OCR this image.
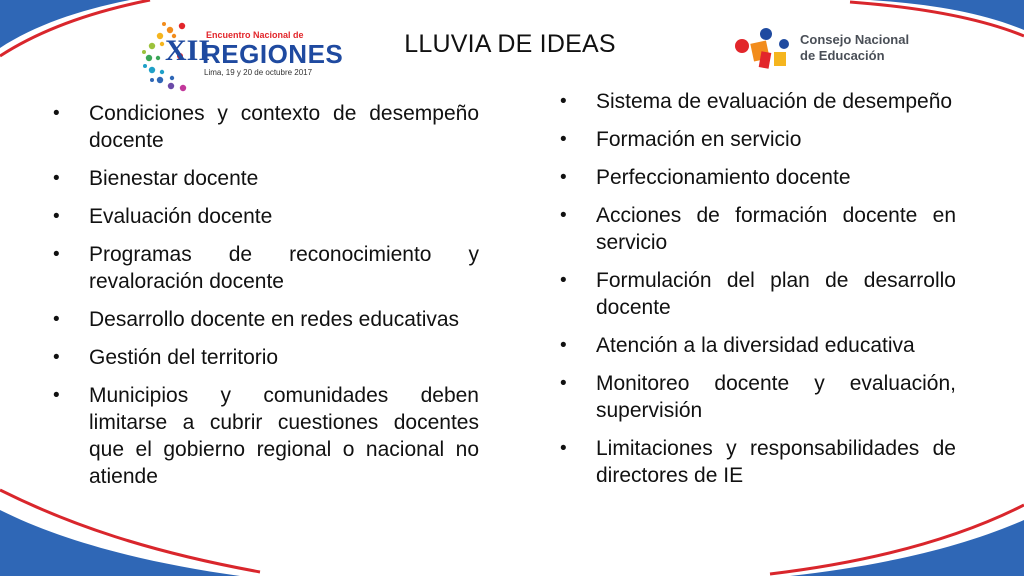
XII
Encuentro Nacional de
REGIONES
Lima, 19 y 20 de octubre 2017
LLUVIA DE IDEAS	Consejo Nacional
de Educación
• Condiciones y contexto de desempeño docente
• Bienestar docente
• Evaluación docente
• Programas de reconocimiento y revaloración docente
• Desarrollo docente en redes educativas
• Gestión del territorio
• Municipios y comunidades deben limitarse a cubrir cuestiones docentes que el gobierno regional o nacional no atiende
• Sistema de evaluación de desempeño
• Formación en servicio
• Perfeccionamiento docente
• Acciones de formación docente en servicio
• Formulación del plan de desarrollo docente
• Atención a la diversidad educativa
• Monitoreo docente y evaluación, supervisión
• Limitaciones y responsabilidades de directores de IE
